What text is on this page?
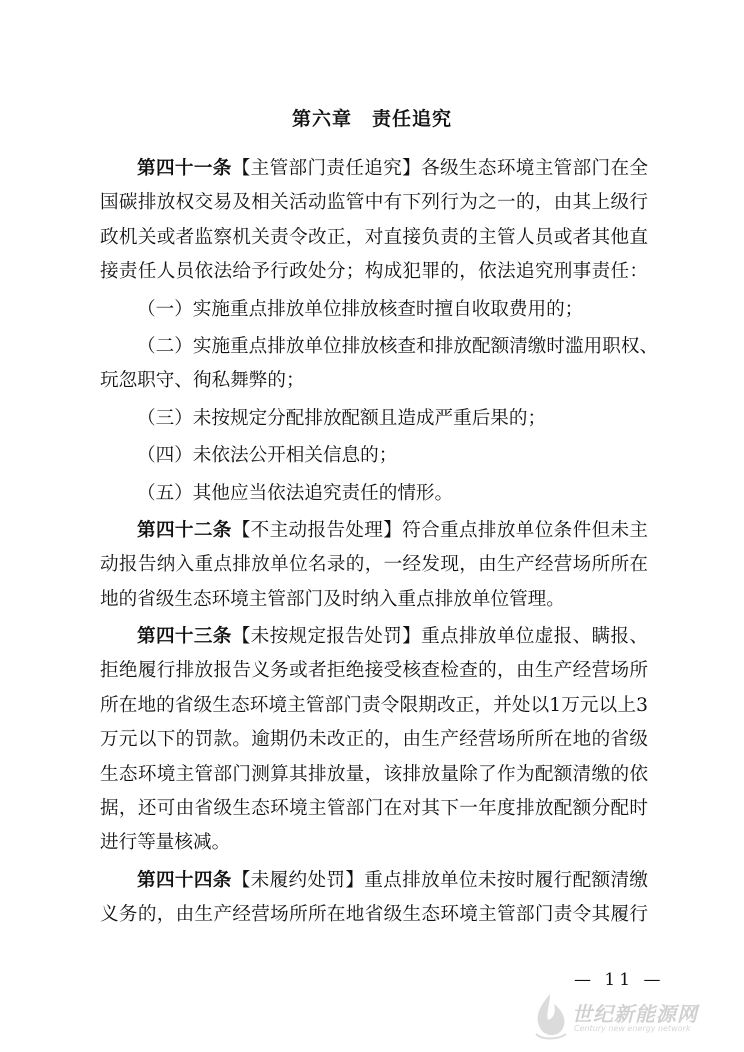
第六章 责任追究
第 四 十 一 条 【 主 管 部 门 责 任 追 究 】 各 级 生 态 环 境 主 管 部 门 在 全
国 碳 排 放 权 交 易 及 相 关 活 动 监 管 中 有 下 列 行 为 之 一 的 ， 由 其 上 级 行
政 机 关 或 者 监 察 机 关 责 令 改 正 ， 对 直 接 负 责 的 主 管 人 员 或 者 其 他 直
接 责 任 人 员 依 法 给 予 行 政 处 分 ； 构 成 犯 罪 的 ， 依 法 追 究 刑 事 责 任 ：
（一）实施重点排放单位排放核查时擅自收取费用的；
（ 二 ） 实 施 重 点 排 放 单 位 排 放 核 查 和 排 放 配 额 清 缴 时 滥 用 职 权 、
玩忽职守、徇私舞弊的；
（三）未按规定分配排放配额且造成严重后果的；
（四）未依法公开相关信息的；
（五）其他应当依法追究责任的情形。
第 四 十 二 条 【 不 主 动 报 告 处 理 】 符 合 重 点 排 放 单 位 条 件 但 未 主
动 报 告 纳 入 重 点 排 放 单 位 名 录 的 ， 一 经 发 现 ， 由 生 产 经 营 场 所 所 在
地的省级生态环境主管部门及时纳入重点排放单位管理。
第 四 十 三 条 【 未 按 规 定 报 告 处 罚 】 重 点 排 放 单 位 虚 报 、 瞒 报 、
拒 绝 履 行 排 放 报 告 义 务 或 者 拒 绝 接 受 核 查 检 查 的 ， 由 生 产 经 营 场 所
所 在 地 的 省 级 生 态 环 境 主 管 部 门 责 令 限 期 改 正 ， 并 处 以 1 万 元 以 上 3
万 元 以 下 的 罚 款 。 逾 期 仍 未 改 正 的 ， 由 生 产 经 营 场 所 所 在 地 的 省 级
生 态 环 境 主 管 部 门 测 算 其 排 放 量 ， 该 排 放 量 除 了 作 为 配 额 清 缴 的 依
据 ， 还 可 由 省 级 生 态 环 境 主 管 部 门 在 对 其 下 一 年 度 排 放 配 额 分 配 时
进行等量核减。
第 四 十 四 条 【 未 履 约 处 罚 】 重 点 排 放 单 位 未 按 时 履 行 配 额 清 缴
义 务 的 ， 由 生 产 经 营 场 所 所 在 地 省 级 生 态 环 境 主 管 部 门 责 令 其 履 行
— 11 —
世纪新能源网
Century new energy network
